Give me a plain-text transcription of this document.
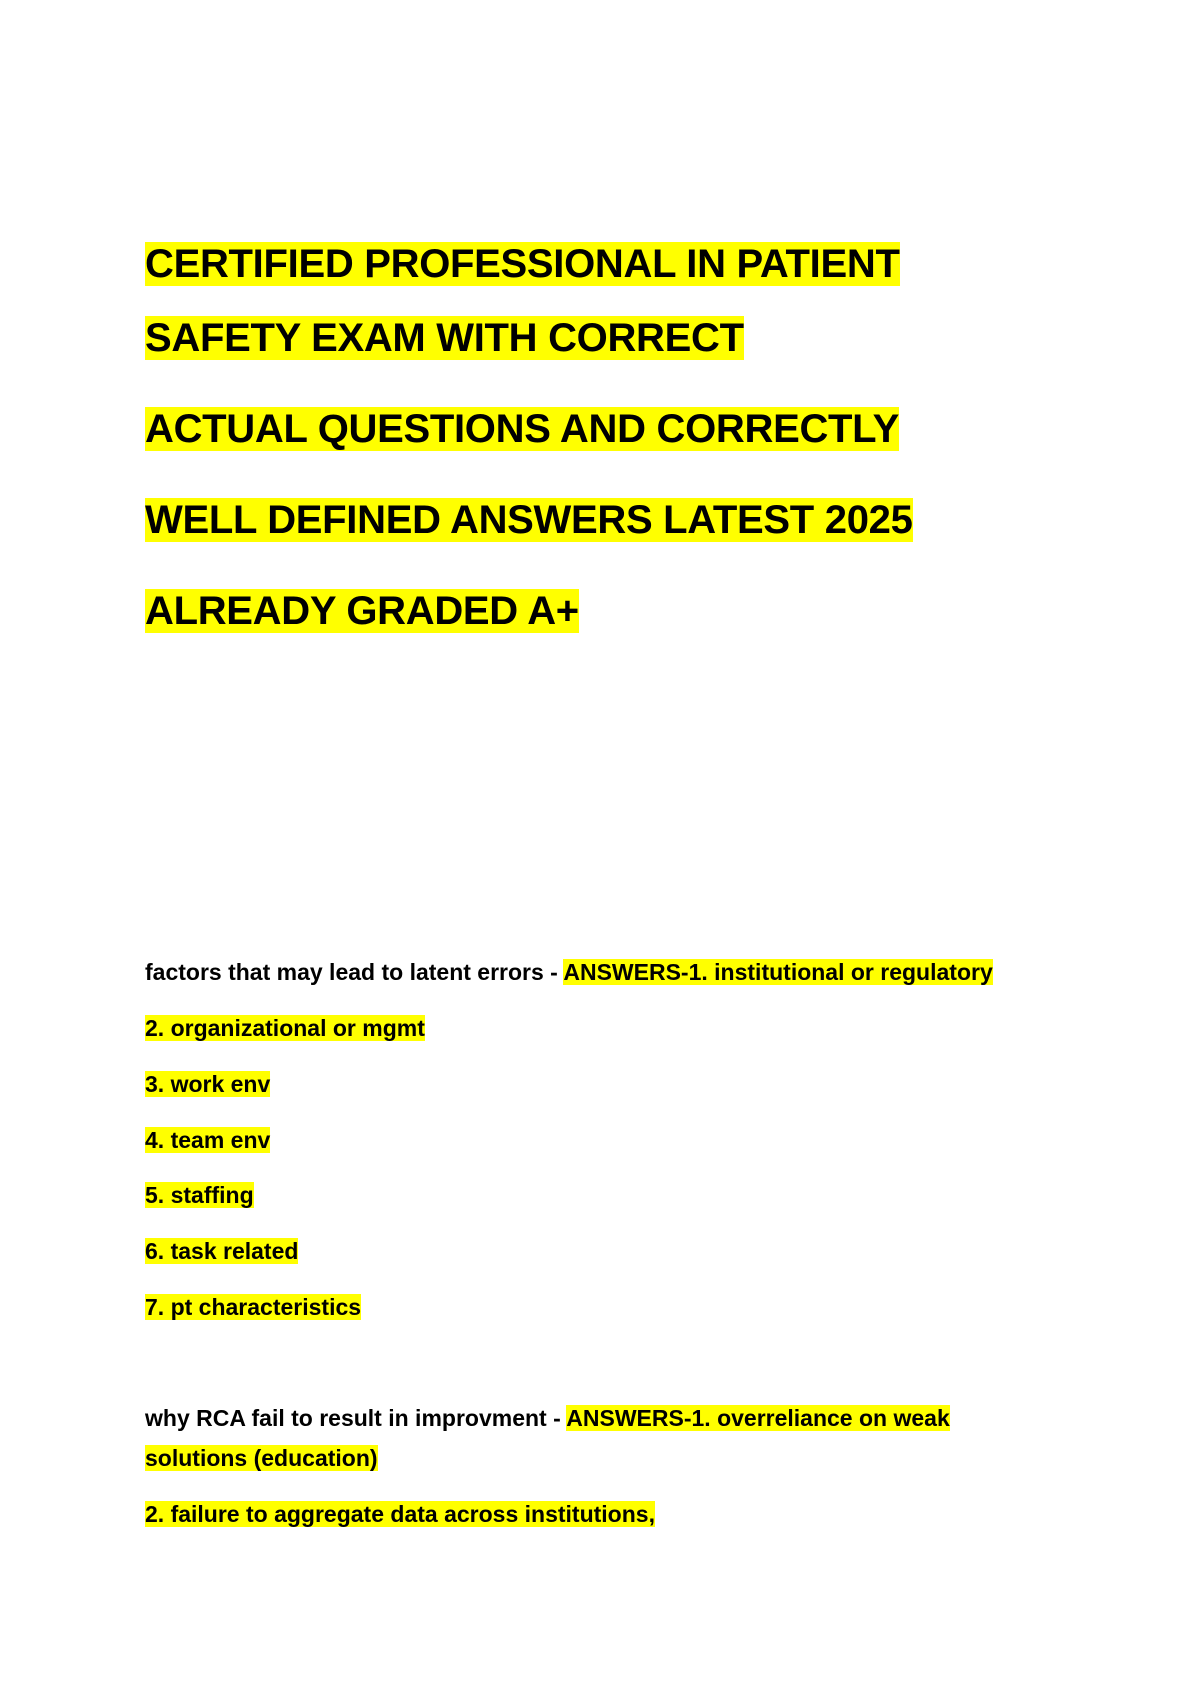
CERTIFIED PROFESSIONAL IN PATIENT
SAFETY EXAM WITH CORRECT
ACTUAL QUESTIONS AND CORRECTLY
WELL DEFINED ANSWERS LATEST 2025
ALREADY GRADED A+
factors that may lead to latent errors - ANSWERS-1. institutional or regulatory
2. organizational or mgmt
3. work env
4. team env
5. staffing
6. task related
7. pt characteristics
why RCA fail to result in improvment - ANSWERS-1. overreliance on weak
solutions (education)
2. failure to aggregate data across institutions,
